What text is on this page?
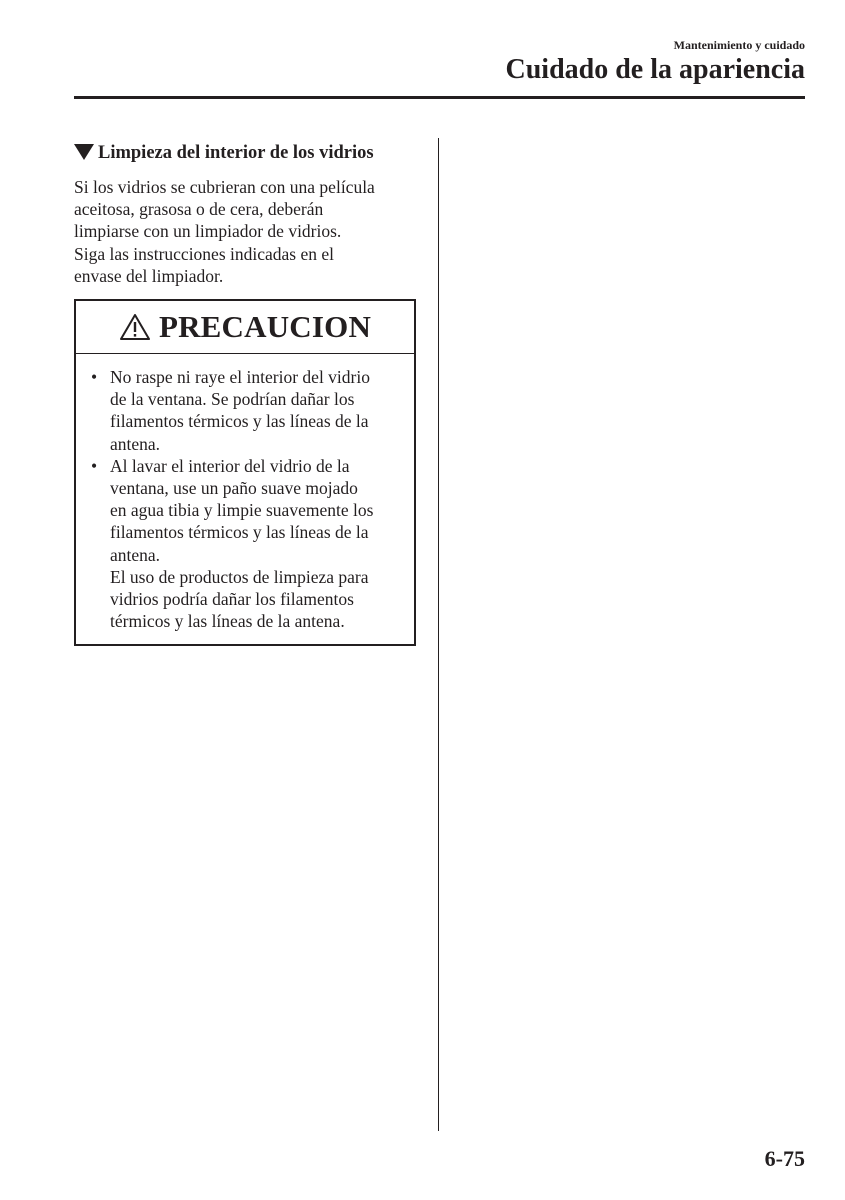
Mantenimiento y cuidado
Cuidado de la apariencia
Limpieza del interior de los vidrios

Si los vidrios se cubrieran con una película
aceitosa, grasosa o de cera, deberán
limpiarse con un limpiador de vidrios.
Siga las instrucciones indicadas en el
envase del limpiador.

PRECAUCION
• No raspe ni raye el interior del vidrio
de la ventana. Se podrían dañar los
filamentos térmicos y las líneas de la
antena.
• Al lavar el interior del vidrio de la
ventana, use un paño suave mojado
en agua tibia y limpie suavemente los
filamentos térmicos y las líneas de la
antena.
El uso de productos de limpieza para
vidrios podría dañar los filamentos
térmicos y las líneas de la antena.
6-75
